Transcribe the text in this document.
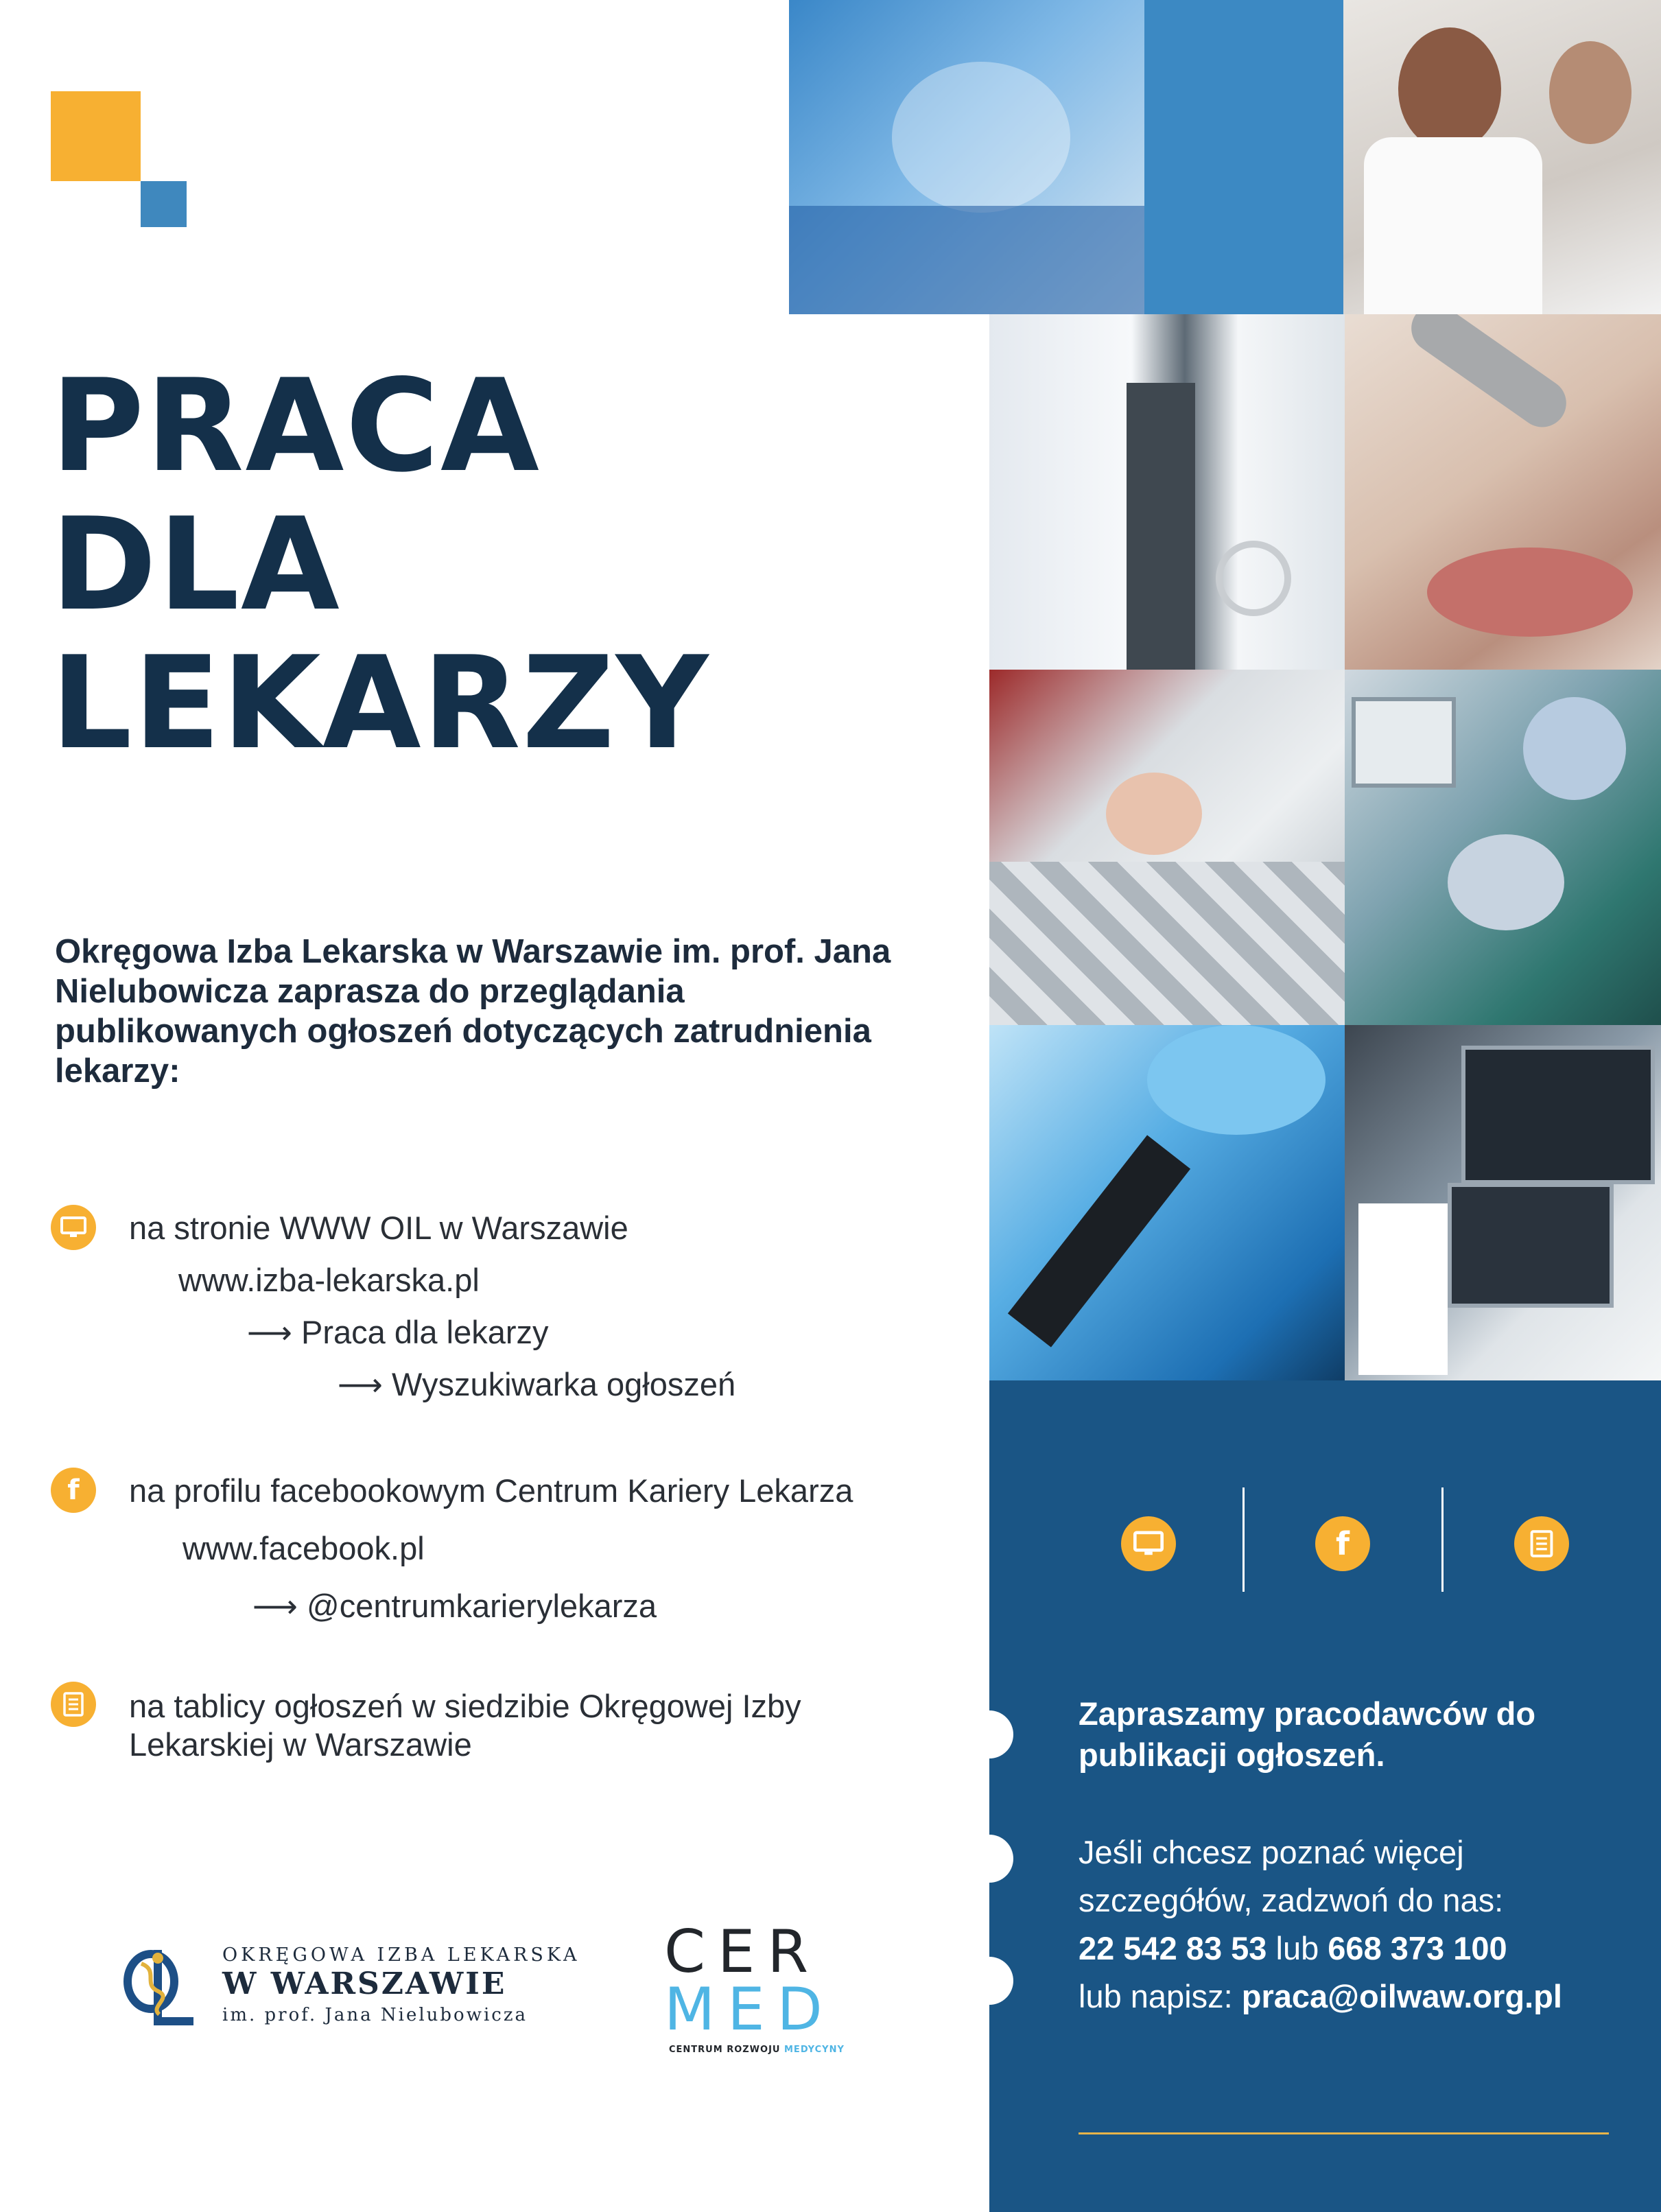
PRACA
DLA
LEKARZY

Okręgowa Izba Lekarska w Warszawie im. prof. Jana Nielubowicza zaprasza do przeglądania publikowanych ogłoszeń dotyczących zatrudnienia lekarzy:

na stronie WWW OIL w Warszawie
www.izba-lekarska.pl
⟶ Praca dla lekarzy
⟶ Wyszukiwarka ogłoszeń
f	na profilu facebookowym Centrum Kariery Lekarza
www.facebook.pl
⟶ @centrumkarierylekarza
na tablicy ogłoszeń w siedzibie Okręgowej Izby
Lekarskiej w Warszawie
f
Zapraszamy pracodawców do
publikacji ogłoszeń.
Jeśli chcesz poznać więcej
szczegółów, zadzwoń do nas:
22 542 83 53 lub 668 373 100
lub napisz: praca@oilwaw.org.pl
OKRĘGOWA IZBA LEKARSKA
W WARSZAWIE
im. prof. Jana Nielubowicza
CER
MED
CENTRUM ROZWOJU MEDYCYNY
